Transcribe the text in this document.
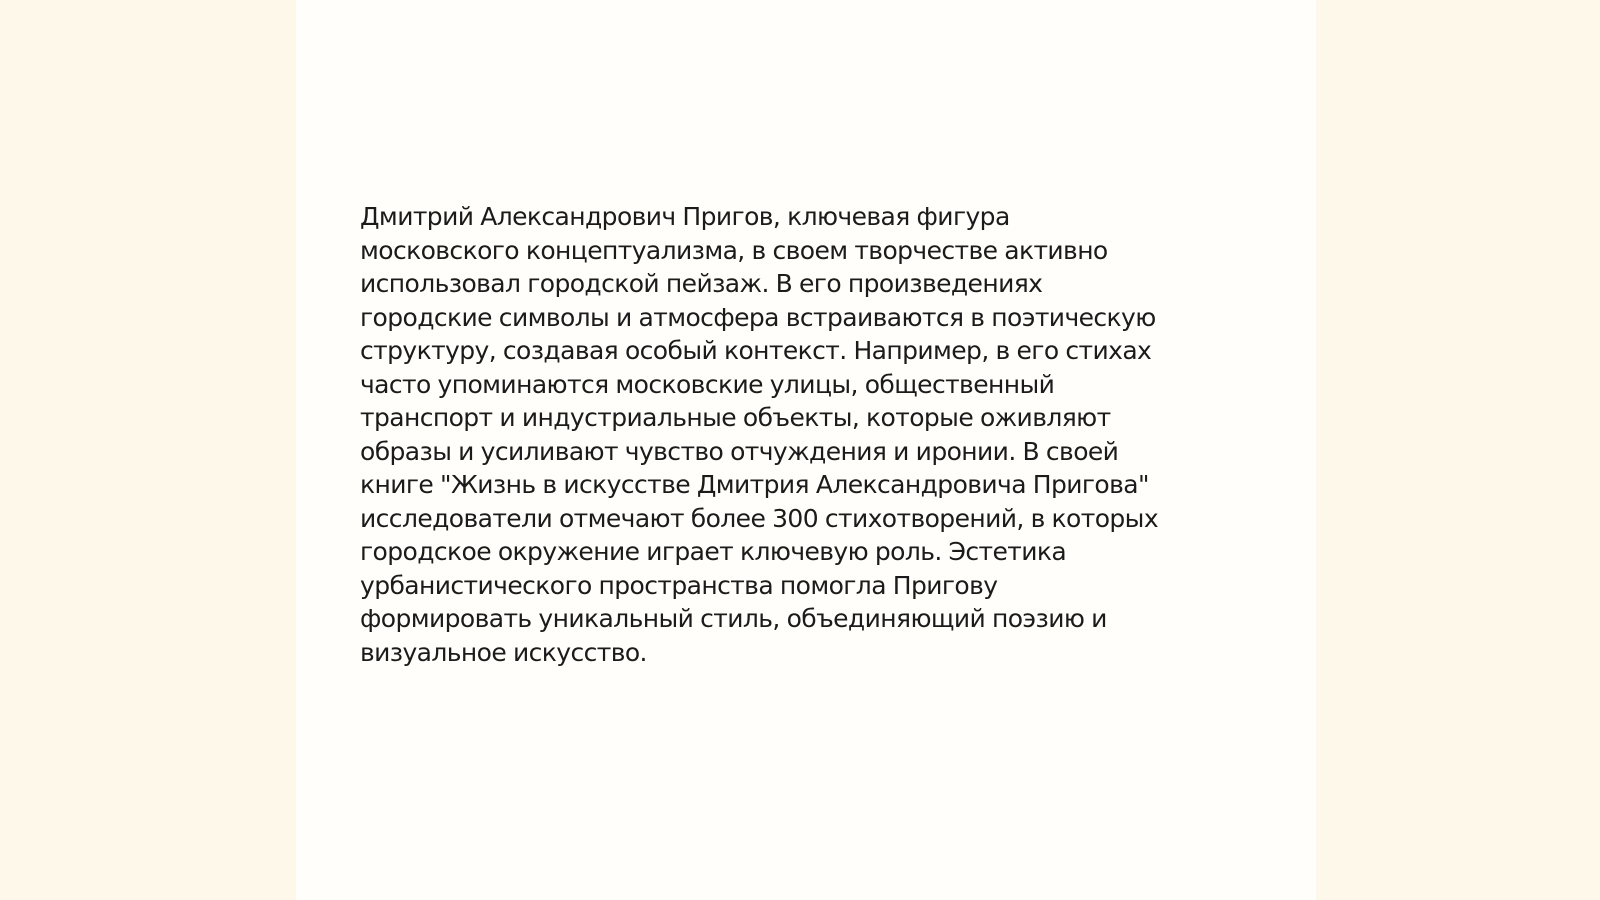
Дмитрий Александрович Пригов, ключевая фигура
московского концептуализма, в своем творчестве активно
использовал городской пейзаж. В его произведениях
городские символы и атмосфера встраиваются в поэтическую
структуру, создавая особый контекст. Например, в его стихах
часто упоминаются московские улицы, общественный
транспорт и индустриальные объекты, которые оживляют
образы и усиливают чувство отчуждения и иронии. В своей
книге "Жизнь в искусстве Дмитрия Александровича Пригова"
исследователи отмечают более 300 стихотворений, в которых
городское окружение играет ключевую роль. Эстетика
урбанистического пространства помогла Пригову
формировать уникальный стиль, объединяющий поэзию и
визуальное искусство.
